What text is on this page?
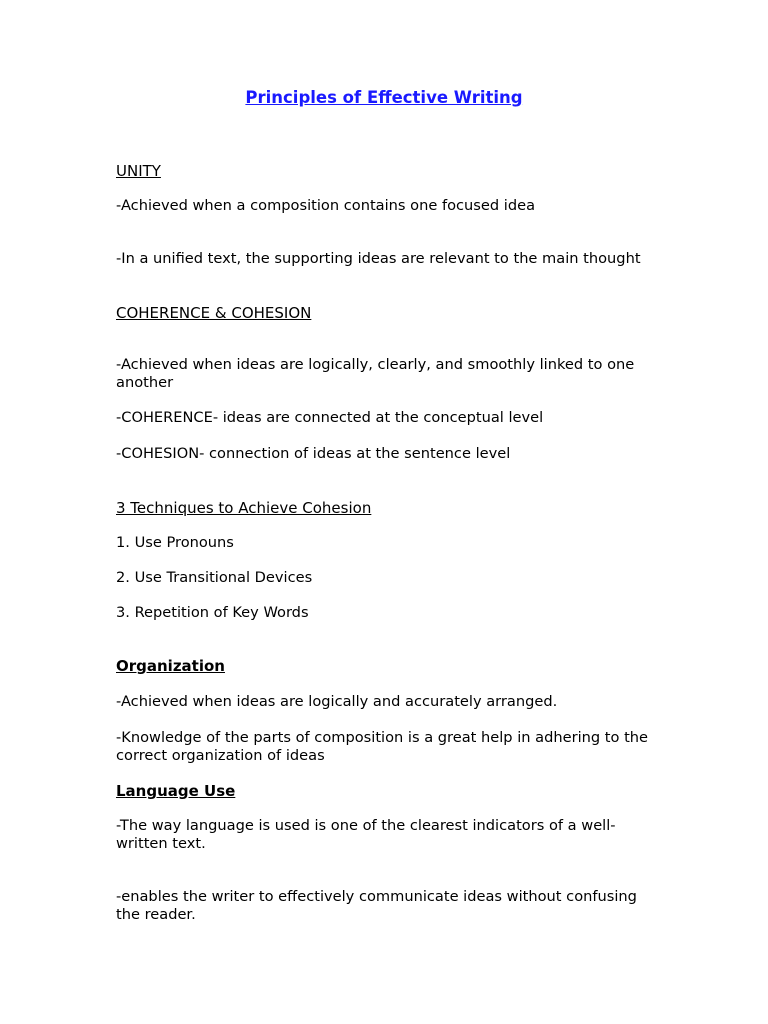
Principles of Effective Writing
UNITY

-Achieved when a composition contains one focused idea

-In a unified text, the supporting ideas are relevant to the main thought

COHERENCE & COHESION

-Achieved when ideas are logically, clearly, and smoothly linked to one another

-COHERENCE- ideas are connected at the conceptual level

-COHESION- connection of ideas at the sentence level

3 Techniques to Achieve Cohesion

1. Use Pronouns

2. Use Transitional Devices

3. Repetition of Key Words

Organization

-Achieved when ideas are logically and accurately arranged.

-Knowledge of the parts of composition is a great help in adhering to the correct organization of ideas

Language Use

-The way language is used is one of the clearest indicators of a well-written text.

-enables the writer to effectively communicate ideas without confusing the reader.
